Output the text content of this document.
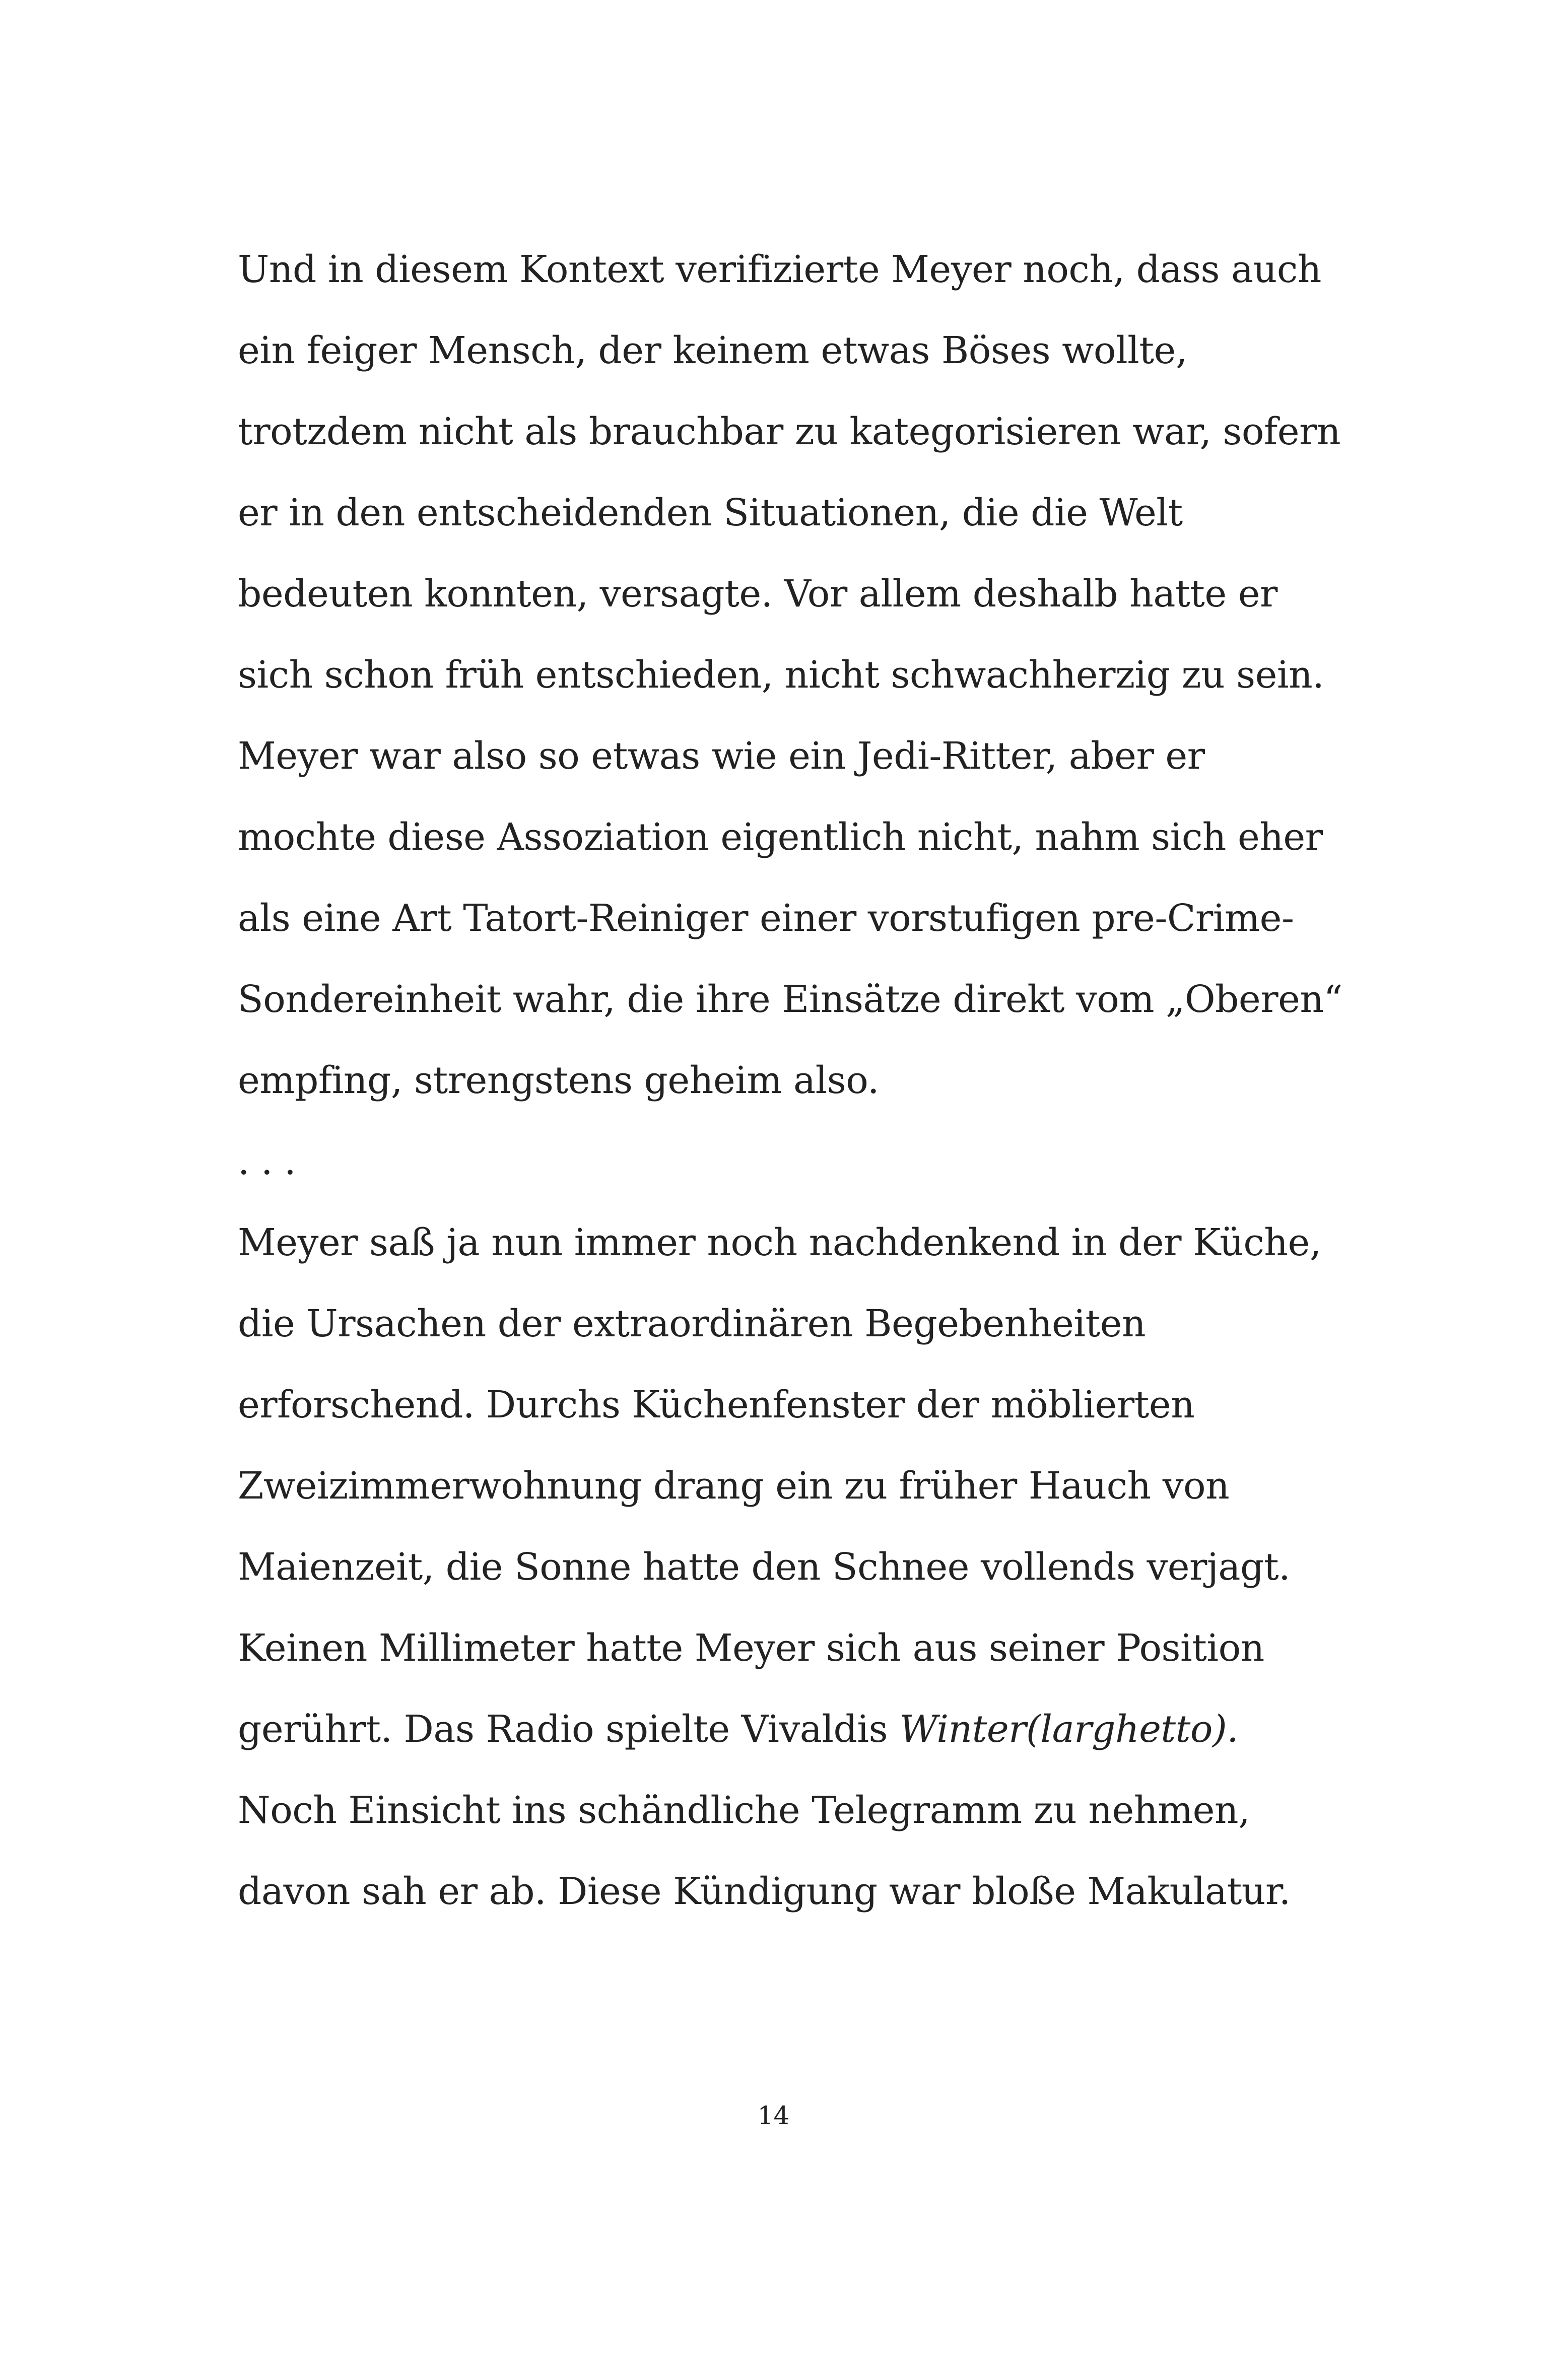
Und in diesem Kontext verifizierte Meyer noch, dass auch
ein feiger Mensch, der keinem etwas Böses wollte,
trotzdem nicht als brauchbar zu kategorisieren war, sofern
er in den entscheidenden Situationen, die die Welt
bedeuten konnten, versagte. Vor allem deshalb hatte er
sich schon früh entschieden, nicht schwachherzig zu sein.
Meyer war also so etwas wie ein Jedi-Ritter, aber er
mochte diese Assoziation eigentlich nicht, nahm sich eher
als eine Art Tatort-Reiniger einer vorstufigen pre-Crime-
Sondereinheit wahr, die ihre Einsätze direkt vom „Oberen“
empfing, strengstens geheim also.
. . .
Meyer saß ja nun immer noch nachdenkend in der Küche,
die Ursachen der extraordinären Begebenheiten
erforschend. Durchs Küchenfenster der möblierten
Zweizimmerwohnung drang ein zu früher Hauch von
Maienzeit, die Sonne hatte den Schnee vollends verjagt.
Keinen Millimeter hatte Meyer sich aus seiner Position
gerührt. Das Radio spielte Vivaldis Winter(larghetto).
Noch Einsicht ins schändliche Telegramm zu nehmen,
davon sah er ab. Diese Kündigung war bloße Makulatur.
14
